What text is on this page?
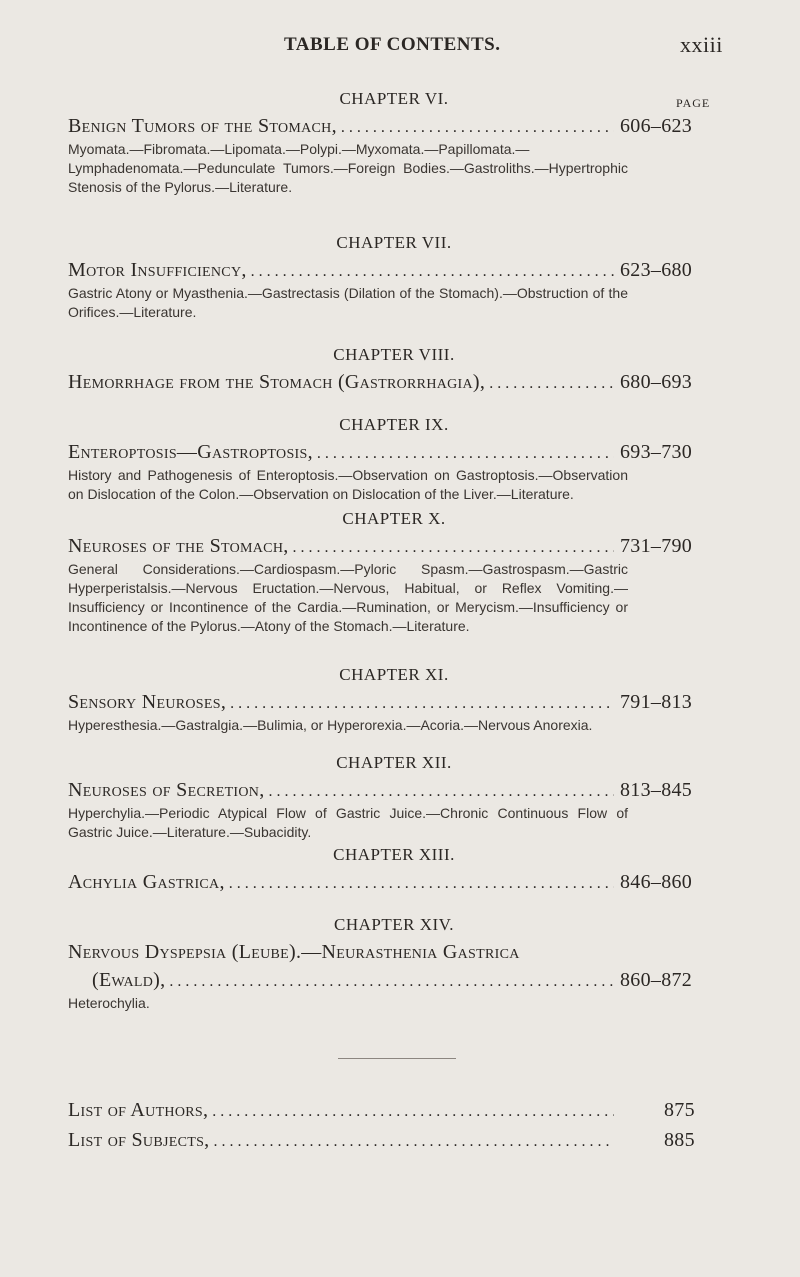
TABLE OF CONTENTS.	xxiii
PAGE
CHAPTER VI.
Benign Tumors of the Stomach, . . .	606–623
Myomata.—Fibromata.—Lipomata.—Polypi.—Myxomata.—Papillomata.—Lymphadenomata.—Pedunculate Tumors.—Foreign Bodies.—Gastroliths.—Hypertrophic Stenosis of the Pylorus.—Literature.
CHAPTER VII.
Motor Insufficiency, . . .	623–680
Gastric Atony or Myasthenia.—Gastrectasis (Dilation of the Stomach).—Obstruction of the Orifices.—Literature.
CHAPTER VIII.
Hemorrhage from the Stomach (Gastrorrhagia), . . .	680–693
CHAPTER IX.
Enteroptosis—Gastroptosis, . . .	693–730
History and Pathogenesis of Enteroptosis.—Observation on Gastroptosis.—Observation on Dislocation of the Colon.—Observation on Dislocation of the Liver.—Literature.
CHAPTER X.
Neuroses of the Stomach, . . .	731–790
General Considerations.—Cardiospasm.—Pyloric Spasm.—Gastrospasm.—Gastric Hyperperistalsis.—Nervous Eructation.—Nervous, Habitual, or Reflex Vomiting.—Insufficiency or Incontinence of the Cardia.—Rumination, or Merycism.—Insufficiency or Incontinence of the Pylorus.—Atony of the Stomach.—Literature.
CHAPTER XI.
Sensory Neuroses, . . .	791–813
Hyperesthesia.—Gastralgia.—Bulimia, or Hyperorexia.—Acoria.—Nervous Anorexia.
CHAPTER XII.
Neuroses of Secretion, . . .	813–845
Hyperchylia.—Periodic Atypical Flow of Gastric Juice.—Chronic Continuous Flow of Gastric Juice.—Literature.—Subacidity.
CHAPTER XIII.
Achylia Gastrica, . . .	846–860
CHAPTER XIV.
Nervous Dyspepsia (Leube).—Neurasthenia Gastrica
(Ewald), . . .	860–872
Heterochylia.
List of Authors, . . .	875
List of Subjects, . . .	885
